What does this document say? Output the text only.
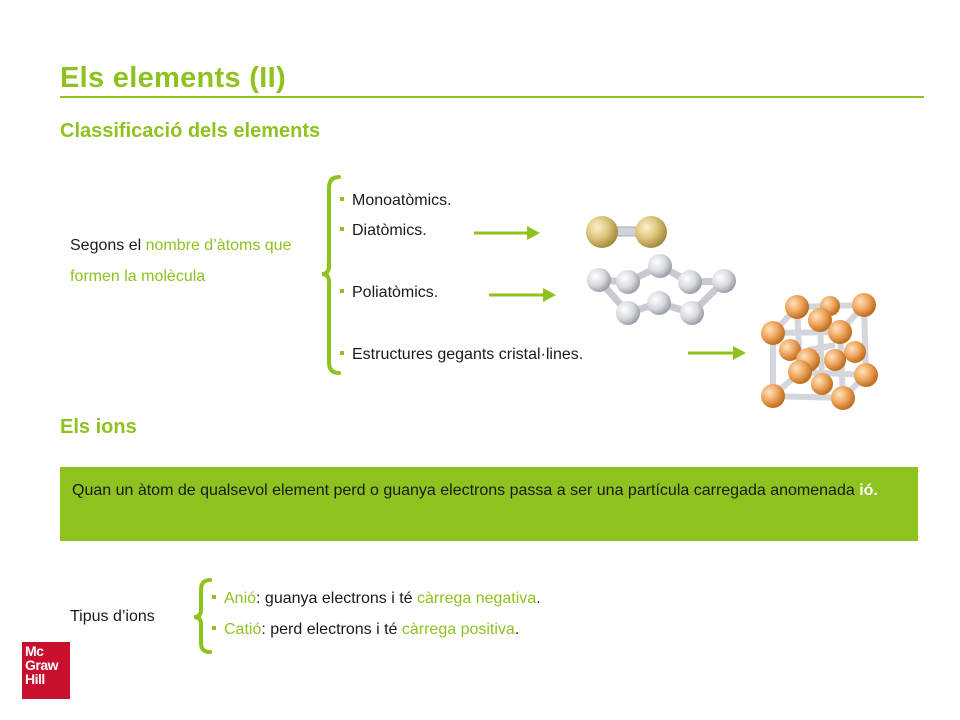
Els elements (II)
Classificació dels elements
Segons el nombre d’àtoms que formen la molècula
Monoatòmics.
Diatòmics.
Poliatòmics.
Estructures gegants cristal·lines.
Els ions
Quan un àtom de qualsevol element perd o guanya electrons passa a ser una partícula carregada anomenada ió.
Tipus d’ions
Anió: guanya electrons i té càrrega negativa.
Catió: perd electrons i té càrrega positiva.
Mc
Graw
Hill
